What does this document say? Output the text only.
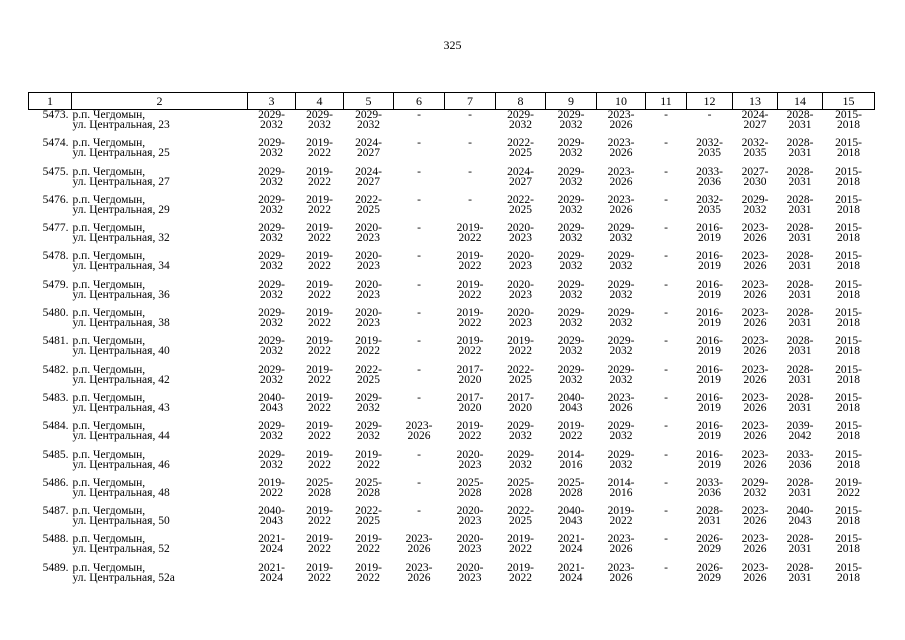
325
1	2	3	4	5	6	7	8	9	10	11	12	13	14	15
5473.	р.п. Чегдомын,
ул. Центральная, 23	2029-
2032	2029-
2032	2029-
2032	-	-	2029-
2032	2029-
2032	2023-
2026	-	-	2024-
2027	2028-
2031	2015-
2018
5474.	р.п. Чегдомын,
ул. Центральная, 25	2029-
2032	2019-
2022	2024-
2027	-	-	2022-
2025	2029-
2032	2023-
2026	-	2032-
2035	2032-
2035	2028-
2031	2015-
2018
5475.	р.п. Чегдомын,
ул. Центральная, 27	2029-
2032	2019-
2022	2024-
2027	-	-	2024-
2027	2029-
2032	2023-
2026	-	2033-
2036	2027-
2030	2028-
2031	2015-
2018
5476.	р.п. Чегдомын,
ул. Центральная, 29	2029-
2032	2019-
2022	2022-
2025	-	-	2022-
2025	2029-
2032	2023-
2026	-	2032-
2035	2029-
2032	2028-
2031	2015-
2018
5477.	р.п. Чегдомын,
ул. Центральная, 32	2029-
2032	2019-
2022	2020-
2023	-	2019-
2022	2020-
2023	2029-
2032	2029-
2032	-	2016-
2019	2023-
2026	2028-
2031	2015-
2018
5478.	р.п. Чегдомын,
ул. Центральная, 34	2029-
2032	2019-
2022	2020-
2023	-	2019-
2022	2020-
2023	2029-
2032	2029-
2032	-	2016-
2019	2023-
2026	2028-
2031	2015-
2018
5479.	р.п. Чегдомын,
ул. Центральная, 36	2029-
2032	2019-
2022	2020-
2023	-	2019-
2022	2020-
2023	2029-
2032	2029-
2032	-	2016-
2019	2023-
2026	2028-
2031	2015-
2018
5480.	р.п. Чегдомын,
ул. Центральная, 38	2029-
2032	2019-
2022	2020-
2023	-	2019-
2022	2020-
2023	2029-
2032	2029-
2032	-	2016-
2019	2023-
2026	2028-
2031	2015-
2018
5481.	р.п. Чегдомын,
ул. Центральная, 40	2029-
2032	2019-
2022	2019-
2022	-	2019-
2022	2019-
2022	2029-
2032	2029-
2032	-	2016-
2019	2023-
2026	2028-
2031	2015-
2018
5482.	р.п. Чегдомын,
ул. Центральная, 42	2029-
2032	2019-
2022	2022-
2025	-	2017-
2020	2022-
2025	2029-
2032	2029-
2032	-	2016-
2019	2023-
2026	2028-
2031	2015-
2018
5483.	р.п. Чегдомын,
ул. Центральная, 43	2040-
2043	2019-
2022	2029-
2032	-	2017-
2020	2017-
2020	2040-
2043	2023-
2026	-	2016-
2019	2023-
2026	2028-
2031	2015-
2018
5484.	р.п. Чегдомын,
ул. Центральная, 44	2029-
2032	2019-
2022	2029-
2032	2023-
2026	2019-
2022	2029-
2032	2019-
2022	2029-
2032	-	2016-
2019	2023-
2026	2039-
2042	2015-
2018
5485.	р.п. Чегдомын,
ул. Центральная, 46	2029-
2032	2019-
2022	2019-
2022	-	2020-
2023	2029-
2032	2014-
2016	2029-
2032	-	2016-
2019	2023-
2026	2033-
2036	2015-
2018
5486.	р.п. Чегдомын,
ул. Центральная, 48	2019-
2022	2025-
2028	2025-
2028	-	2025-
2028	2025-
2028	2025-
2028	2014-
2016	-	2033-
2036	2029-
2032	2028-
2031	2019-
2022
5487.	р.п. Чегдомын,
ул. Центральная, 50	2040-
2043	2019-
2022	2022-
2025	-	2020-
2023	2022-
2025	2040-
2043	2019-
2022	-	2028-
2031	2023-
2026	2040-
2043	2015-
2018
5488.	р.п. Чегдомын,
ул. Центральная, 52	2021-
2024	2019-
2022	2019-
2022	2023-
2026	2020-
2023	2019-
2022	2021-
2024	2023-
2026	-	2026-
2029	2023-
2026	2028-
2031	2015-
2018
5489.	р.п. Чегдомын,
ул. Центральная, 52а	2021-
2024	2019-
2022	2019-
2022	2023-
2026	2020-
2023	2019-
2022	2021-
2024	2023-
2026	-	2026-
2029	2023-
2026	2028-
2031	2015-
2018
